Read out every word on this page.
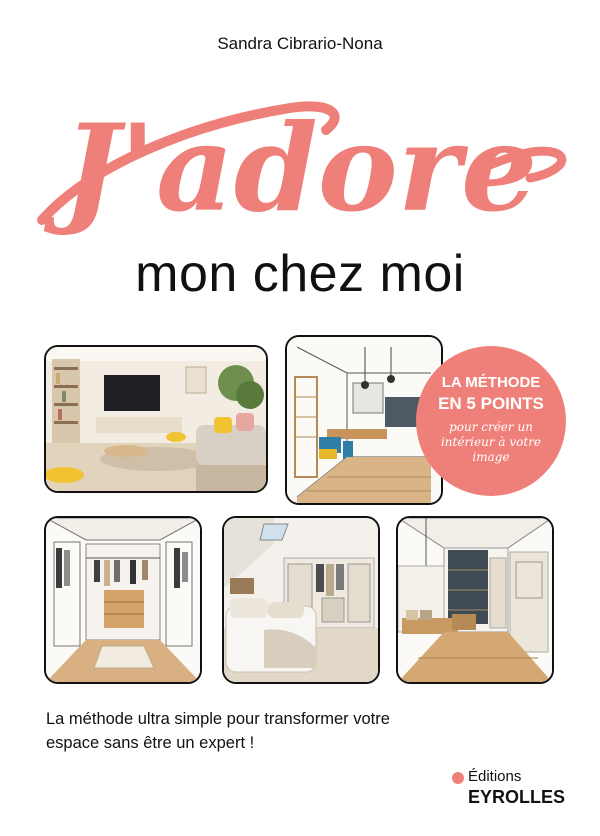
Sandra Cibrario-Nona
J'adore
mon chez moi
LA MÉTHODE
EN 5 POINTS
pour créer un intérieur à votre image
La méthode ultra simple pour transformer votre espace sans être un expert !
Éditions
EYROLLES
